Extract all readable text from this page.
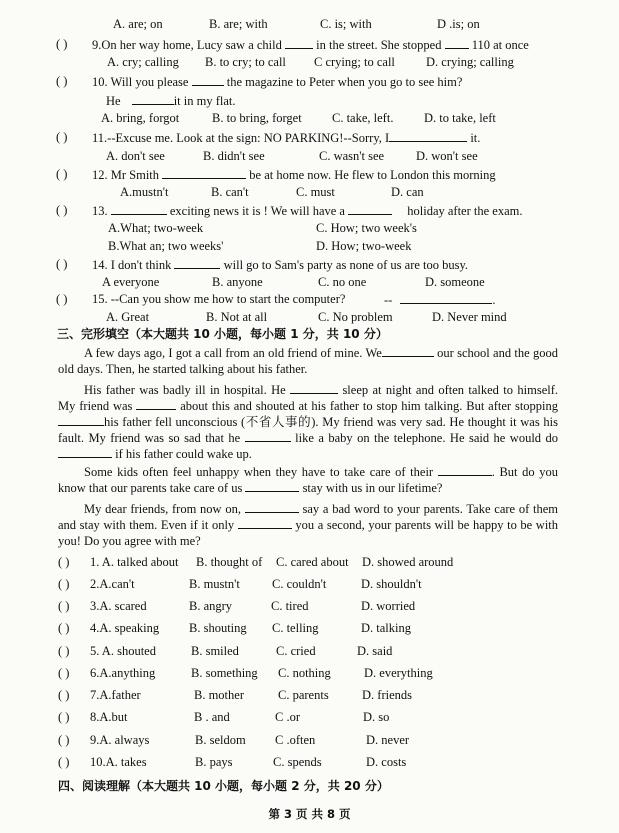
A. are; on	B. are; with	C. is; with	D .is; on
( ) 9.On her way home, Lucy saw a child	in the street. She stopped 110 at once
A. cry; calling B. to cry; to call C crying; to call D. crying; calling
( ) 10. Will you please	the magazine to Peter when you go to see him?
He	it in my flat.
A. bring, forgot	B. to bring, forget C. take, left. D. to take, left
( ) 11.--Excuse me. Look at the sign: NO PARKING!--Sorry, I	it.
A. don't see	B. didn't see	C. wasn't see	D. won't see
( ) 12. Mr Smith	be at home now. He flew to London this morning
A.mustn't	B. can't	C. must	D. can
( ) 13.	exciting news it is ! We will have a	holiday after the exam.
A.What; two-week	C. How; two week's
B.What an; two weeks'	D. How; two-week
( ) 14. I don't think	will go to Sam's party as none of us are too busy.
A everyone	B. anyone	C. no one	D. someone
( ) 15. --Can you show me how to start the computer?	--	.
A. Great	B. Not at all	C. No problem	D. Never mind
三、完形填空（本大题共 10 小题，每小题 1 分，共 10 分）
A few days ago, I got a call from an old friend of mine. We	our school and the good old days. Then, he started talking about his father.
His father was badly ill in hospital. He	sleep at night and often talked to himself. My friend was	about this and shouted at his father to stop him talking. But after stoppinghis father fell unconscious (不省人事的). My friend was very sad. He thought it was his fault. My friend was so sad that he	like a baby on the telephone. He said he would do  if his father could wake up.
Some kids often feel unhappy when they have to take care of their	. But do you know that our parents take care of us	stay with us in our lifetime?
My dear friends, from now on,	say a bad word to your parents. Take care of them and stay with them. Even if it only	you a second, your parents will be happy to be with you! Do you agree with me?
( ) 1. A. talked about B. thought of C. cared about D. showed around
( ) 2.A.can't	B. mustn't	C. couldn't	D. shouldn't
( ) 3.A. scared	B. angry	C. tired	D. worried
( ) 4.A. speaking B. shouting C. telling	D. talking
( ) 5. A. shouted	B. smiled	C. cried	D. said
( ) 6.A.anything	B. something C. nothing	D. everything
( ) 7.A.father	B. mother	C. parents	D. friends
( ) 8.A.but	B . and	C .or	D. so
( ) 9.A. always	B. seldom C .often	D. never
( ) 10.A. takes	B. pays	C. spends	D. costs
四、阅读理解（本大题共 10 小题，每小题 2 分，共 20 分）
第 3 页 共 8 页
